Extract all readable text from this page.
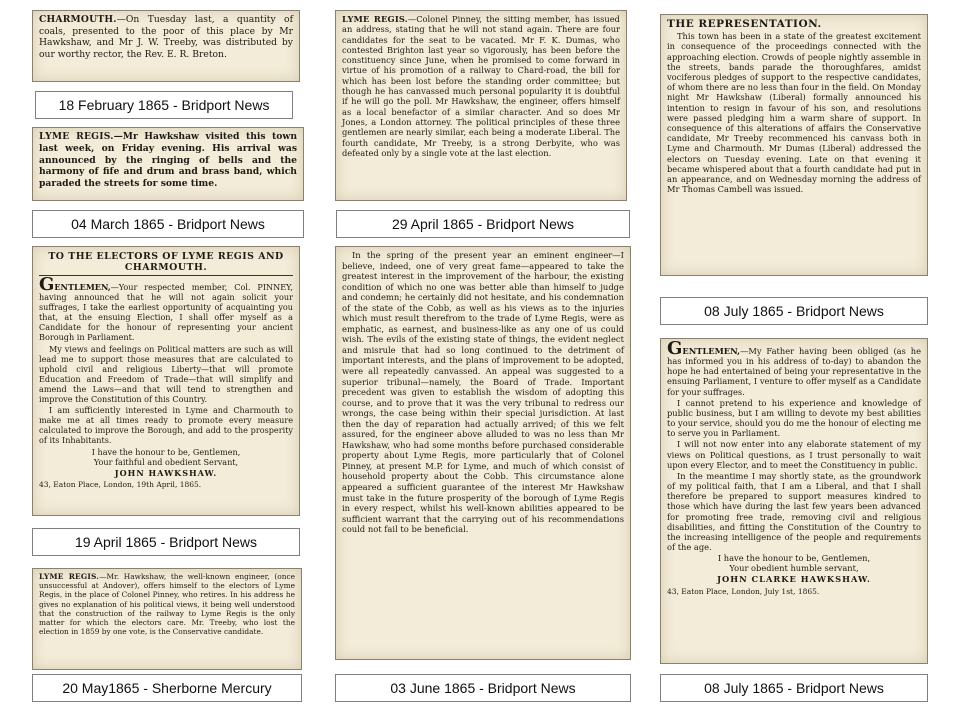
CHARMOUTH.—On Tuesday last, a quantity of coals, presented to the poor of this place by Mr Hawkshaw, and Mr J. W. Treeby, was distributed by our worthy rector, the Rev. E. R. Breton.
18 February 1865 - Bridport News
LYME REGIS.—Mr Hawkshaw visited this town last week, on Friday evening. His arrival was announced by the ringing of bells and the harmony of fife and drum and brass band, which paraded the streets for some time.
04 March 1865 - Bridport News
TO THE ELECTORS OF LYME REGIS AND CHARMOUTH.

GENTLEMEN,—Your respected member, Col. PINNEY, having announced that he will not again solicit your suffrages, I take the earliest opportunity of acquainting you that, at the ensuing Election, I shall offer myself as a Candidate for the honour of representing your ancient Borough in Parliament.

My views and feelings on Political matters are such as will lead me to support those measures that are calculated to uphold civil and religious Liberty—that will promote Education and Freedom of Trade—that will simplify and amend the Laws—and that will tend to strengthen and improve the Constitution of this Country.

I am sufficiently interested in Lyme and Charmouth to make me at all times ready to promote every measure calculated to improve the Borough, and add to the prosperity of its Inhabitants.

I have the honour to be, Gentlemen,

Your faithful and obedient Servant,

JOHN HAWKSHAW.

43, Eaton Place, London, 19th April, 1865.

19 April 1865 - Bridport News
LYME REGIS.—Mr. Hawkshaw, the well-known engineer, (once unsuccessful at Andover), offers himself to the electors of Lyme Regis, in the place of Colonel Pinney, who retires. In his address he gives no explanation of his political views, it being well understood that the construction of the railway to Lyme Regis is the only matter for which the electors care. Mr. Treeby, who lost the election in 1859 by one vote, is the Conservative candidate.
20 May1865 - Sherborne Mercury
LYME REGIS.—Colonel Pinney, the sitting member, has issued an address, stating that he will not stand again. There are four candidates for the seat to be vacated. Mr F. K. Dumas, who contested Brighton last year so vigorously, has been before the constituency since June, when he promised to come forward in virtue of his promotion of a railway to Chard-road, the bill for which has been lost before the standing order committee; but though he has canvassed much personal popularity it is doubtful if he will go the poll. Mr Hawkshaw, the engineer, offers himself as a local benefactor of a similar character. And so does Mr Jones, a London attorney. The political principles of these three gentlemen are nearly similar, each being a moderate Liberal. The fourth candidate, Mr Treeby, is a strong Derbyite, who was defeated only by a single vote at the last election.
29 April 1865 - Bridport News

In the spring of the present year an eminent engineer—I believe, indeed, one of very great fame—appeared to take the greatest interest in the improvement of the harbour, the existing condition of which no one was better able than himself to judge and condemn; he certainly did not hesitate, and his condemnation of the state of the Cobb, as well as his views as to the injuries which must result therefrom to the trade of Lyme Regis, were as emphatic, as earnest, and business-like as any one of us could wish. The evils of the existing state of things, the evident neglect and misrule that had so long continued to the detriment of important interests, and the plans of improvement to be adopted, were all repeatedly canvassed. An appeal was suggested to a superior tribunal—namely, the Board of Trade. Important precedent was given to establish the wisdom of adopting this course, and to prove that it was the very tribunal to redress our wrongs, the case being within their special jurisdiction. At last then the day of reparation had actually arrived; of this we felt assured, for the engineer above alluded to was no less than Mr Hawkshaw, who had some months before purchased considerable property about Lyme Regis, more particularly that of Colonel Pinney, at present M.P. for Lyme, and much of which consist of household property about the Cobb. This circumstance alone appeared a sufficient guarantee of the interest Mr Hawkshaw must take in the future prosperity of the borough of Lyme Regis in every respect, whilst his well-known abilities appeared to be sufficient warrant that the carrying out of his recommendations could not fail to be beneficial.

03 June 1865 - Bridport News
THE REPRESENTATION.

This town has been in a state of the greatest excitement in consequence of the proceedings connected with the approaching election. Crowds of people nightly assemble in the streets, bands parade the thoroughfares, amidst vociferous pledges of support to the respective candidates, of whom there are no less than four in the field. On Monday night Mr Hawkshaw (Liberal) formally announced his intention to resign in favour of his son, and resolutions were passed pledging him a warm share of support. In consequence of this alterations of affairs the Conservative candidate, Mr Treeby recommenced his canvass both in Lyme and Charmouth. Mr Dumas (Liberal) addressed the electors on Tuesday evening. Late on that evening it became whispered about that a fourth candidate had put in an appearance, and on Wednesday morning the address of Mr Thomas Cambell was issued.

08 July 1865 - Bridport News

GENTLEMEN,—My Father having been obliged (as he has informed you in his address of to-day) to abandon the hope he had entertained of being your representative in the ensuing Parliament, I venture to offer myself as a Candidate for your suffrages.

I cannot pretend to his experience and knowledge of public business, but I am willing to devote my best abilities to your service, should you do me the honour of electing me to serve you in Parliament.

I will not now enter into any elaborate statement of my views on Political questions, as I trust personally to wait upon every Elector, and to meet the Constituency in public.

In the meantime I may shortly state, as the groundwork of my political faith, that I am a Liberal, and that I shall therefore be prepared to support measures kindred to those which have during the last few years been advanced for promoting free trade, removing civil and religious disabilities, and fitting the Constitution of the Country to the increasing intelligence of the people and requirements of the age.

I have the honour to be, Gentlemen,

Your obedient humble servant,

JOHN CLARKE HAWKSHAW.

43, Eaton Place, London, July 1st, 1865.

08 July 1865 - Bridport News
